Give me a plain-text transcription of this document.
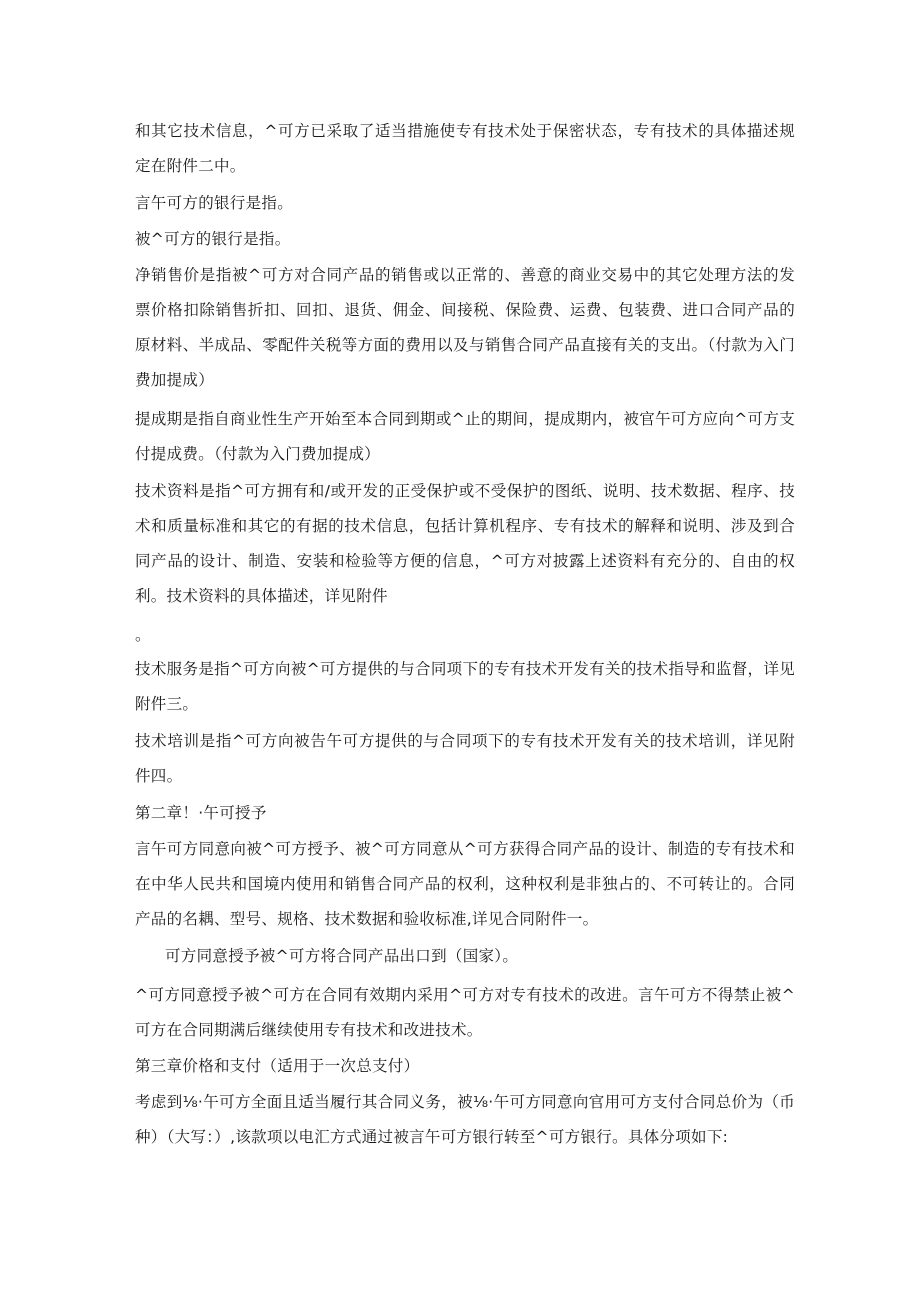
和其它技术信息，^可方已采取了适当措施使专有技术处于保密状态，专有技术的具体描述规定在附件二中。

言午可方的银行是指。

被^可方的银行是指。

净销售价是指被^可方对合同产品的销售或以正常的、善意的商业交易中的其它处理方法的发票价格扣除销售折扣、回扣、退货、佣金、间接税、保险费、运费、包装费、进口合同产品的原材料、半成品、零配件关税等方面的费用以及与销售合同产品直接有关的支出。（付款为入门费加提成）

提成期是指自商业性生产开始至本合同到期或^止的期间，提成期内，被官午可方应向^可方支付提成费。（付款为入门费加提成）

技术资料是指^可方拥有和/或开发的正受保护或不受保护的图纸、说明、技术数据、程序、技术和质量标准和其它的有据的技术信息，包括计算机程序、专有技术的解释和说明、涉及到合同产品的设计、制造、安装和检验等方便的信息，^可方对披露上述资料有充分的、自由的权利。技术资料的具体描述，详见附件

。

技术服务是指^可方向被^可方提供的与合同项下的专有技术开发有关的技术指导和监督，详见附件三。

技术培训是指^可方向被告午可方提供的与合同项下的专有技术开发有关的技术培训，详见附件四。

第二章！·午可授予

言午可方同意向被^可方授予、被^可方同意从^可方获得合同产品的设计、制造的专有技术和在中华人民共和国境内使用和销售合同产品的权利，这种权利是非独占的、不可转让的。合同产品的名耦、型号、规格、技术数据和验收标准,详见合同附件一。

可方同意授予被^可方将合同产品出口到（国家）。

^可方同意授予被^可方在合同有效期内采用^可方对专有技术的改进。言午可方不得禁止被^可方在合同期满后继续使用专有技术和改进技术。

第三章价格和支付（适用于一次总支付）

考虑到⅛·午可方全面且适当履行其合同义务，被⅛·午可方同意向官用可方支付合同总价为（币种）（大写：）,该款项以电汇方式通过被言午可方银行转至^可方银行。具体分项如下:
